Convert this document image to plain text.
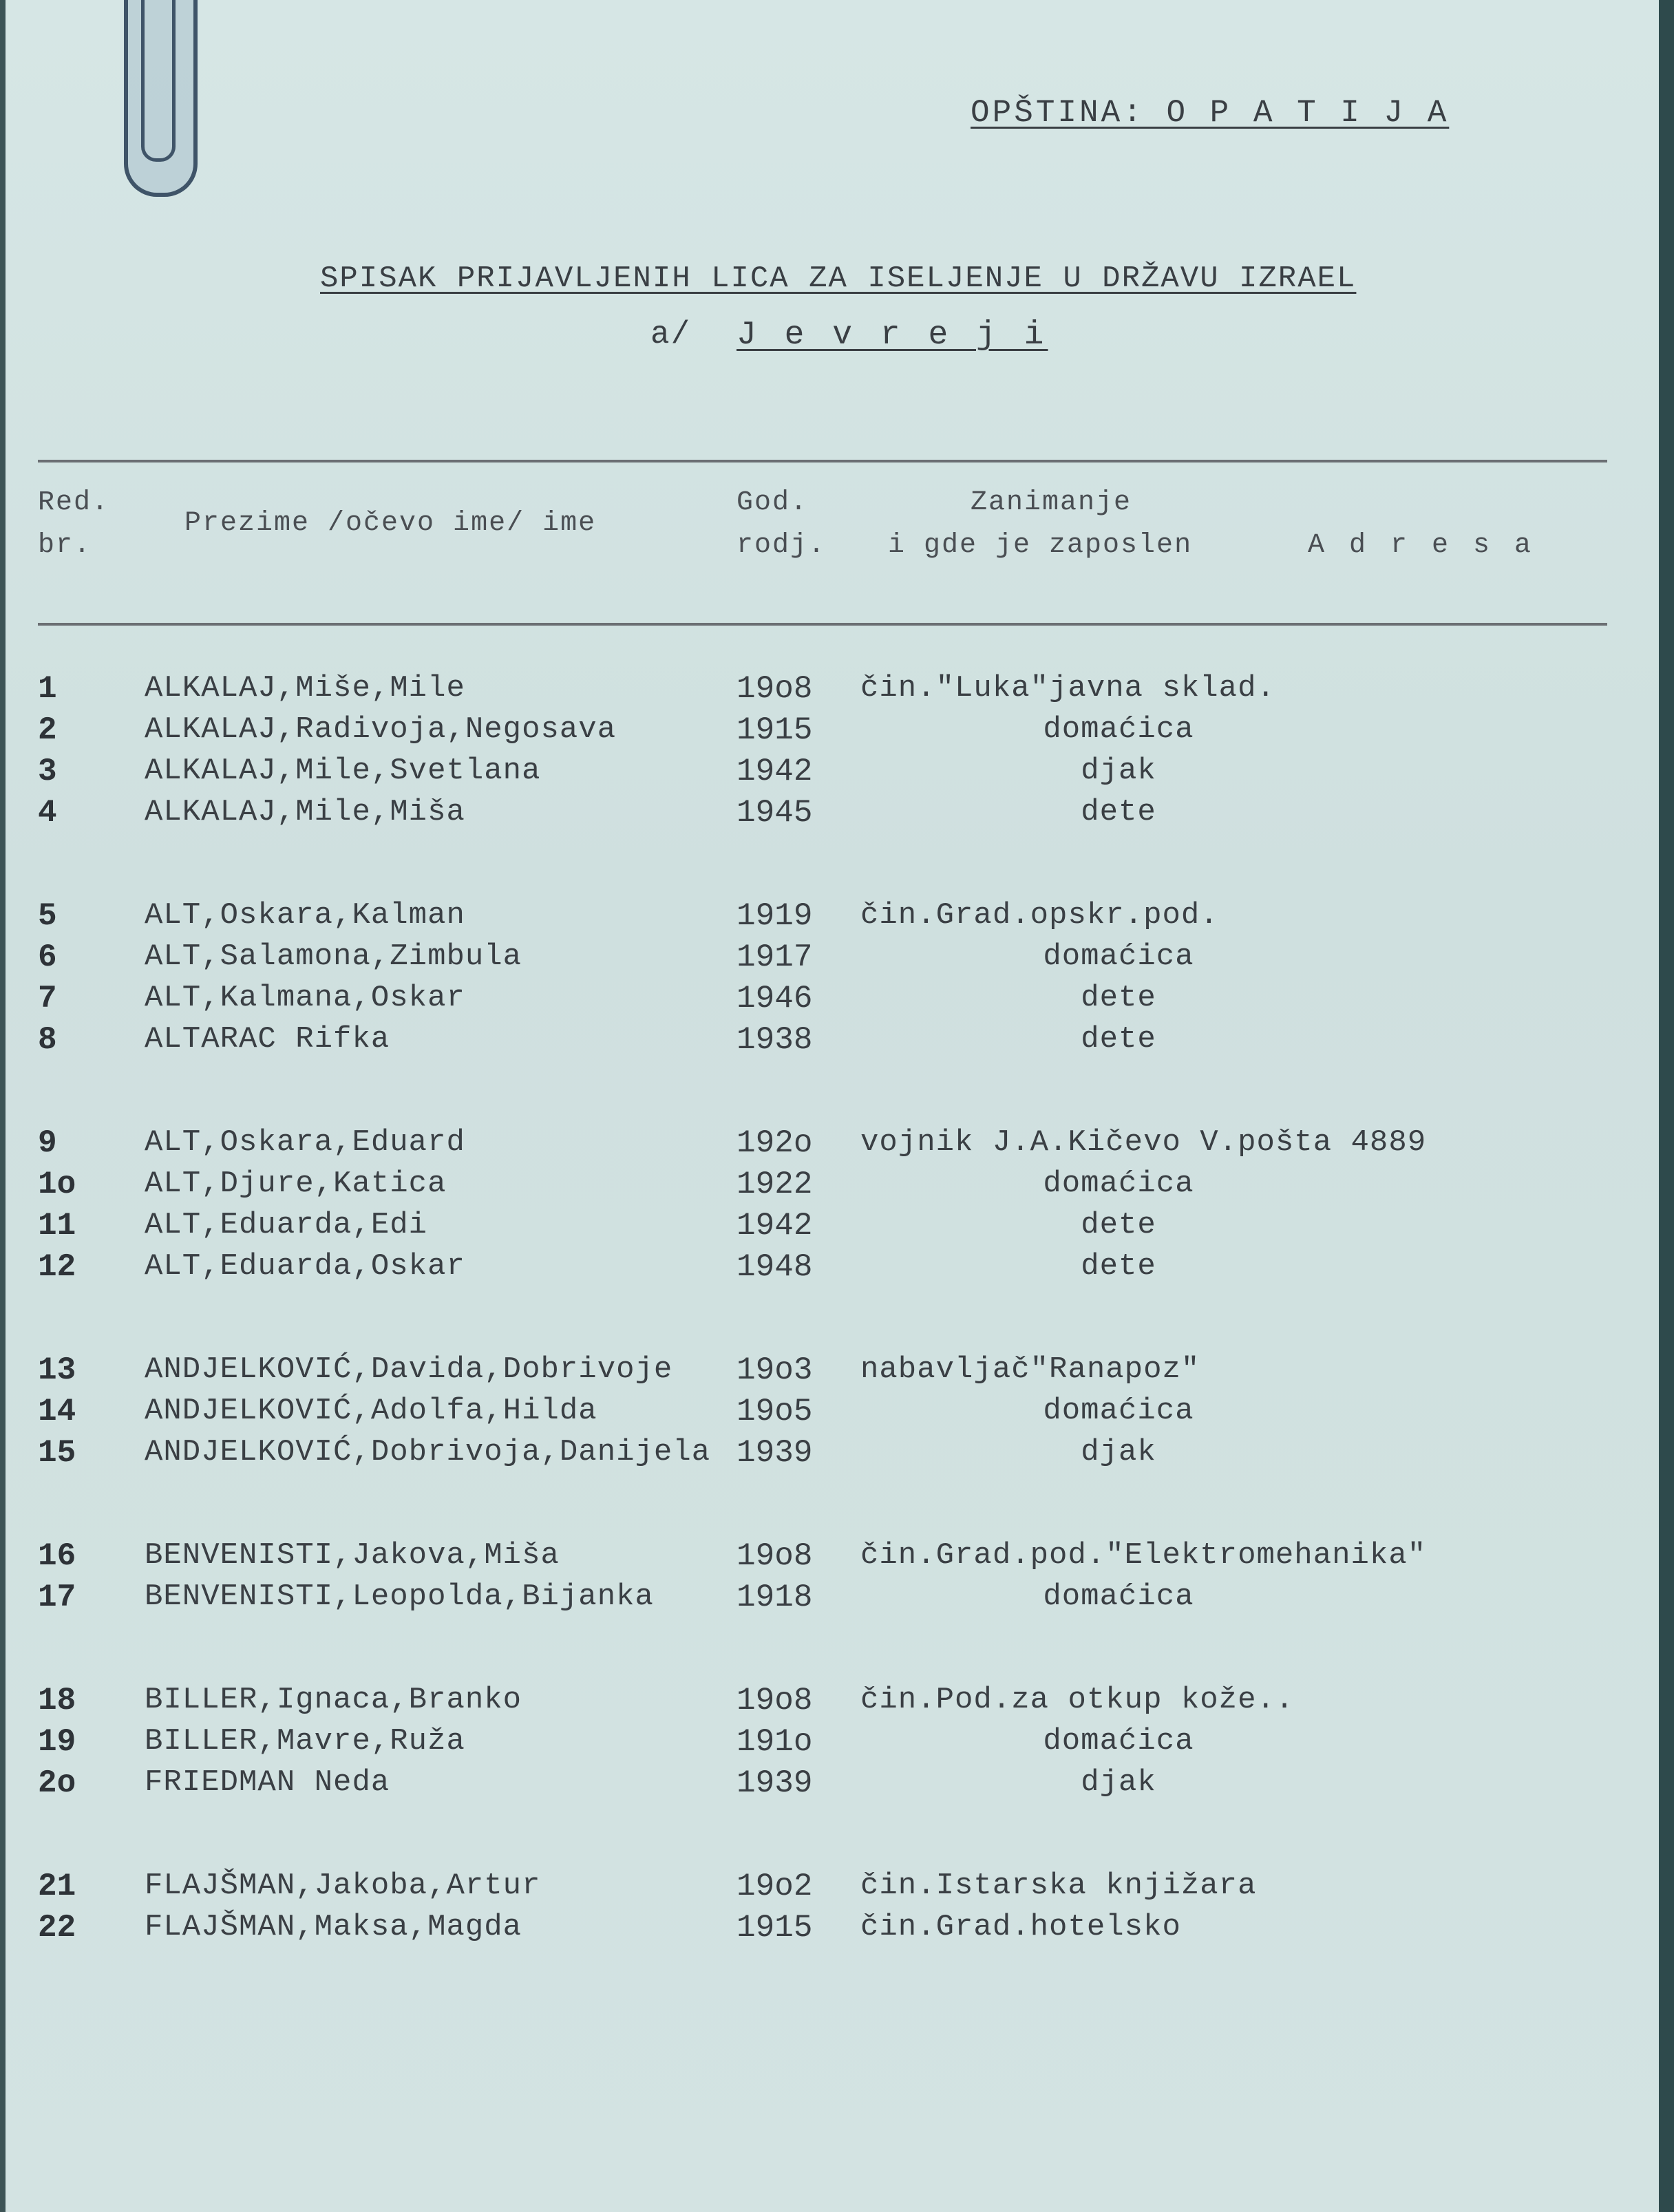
OPŠTINA: O P A T I J A
SPISAK PRIJAVLJENIH LICA ZA ISELJENJE U DRŽAVU IZRAEL
a/ J e v r e j i
Red.
br.
Prezime /očevo ime/ ime
God.
rodj.
Zanimanje
i gde je zaposlen	A d r e s a
1	ALKALAJ,Miše,Mile	19o8 čin."Luka"javna sklad.
2	ALKALAJ,Radivoja,Negosava	1915	domaćica
3	ALKALAJ,Mile,Svetlana	1942	djak
4	ALKALAJ,Mile,Miša	1945	dete
5	ALT,Oskara,Kalman	1919 čin.Grad.opskr.pod.
6	ALT,Salamona,Zimbula	1917	domaćica
7	ALT,Kalmana,Oskar	1946	dete
8	ALTARAC Rifka	1938	dete
9	ALT,Oskara,Eduard	192o vojnik J.A.Kičevo V.pošta 4889
1o ALT,Djure,Katica	1922	domaćica
11 ALT,Eduarda,Edi	1942	dete
12 ALT,Eduarda,Oskar	1948	dete
13 ANDJELKOVIĆ,Davida,Dobrivoje 19o3 nabavljač"Ranapoz"
14 ANDJELKOVIĆ,Adolfa,Hilda	19o5	domaćica
15 ANDJELKOVIĆ,Dobrivoja,Danijela 1939	djak
16 BENVENISTI,Jakova,Miša	19o8 čin.Grad.pod."Elektromehanika"
17 BENVENISTI,Leopolda,Bijanka	1918	domaćica
18 BILLER,Ignaca,Branko	19o8 čin.Pod.za otkup kože..
19 BILLER,Mavre,Ruža	191o	domaćica
2o FRIEDMAN Neda	1939	djak
21 FLAJŠMAN,Jakoba,Artur	19o2 čin.Istarska knjižara
22 FLAJŠMAN,Maksa,Magda	1915 čin.Grad.hotelsko
